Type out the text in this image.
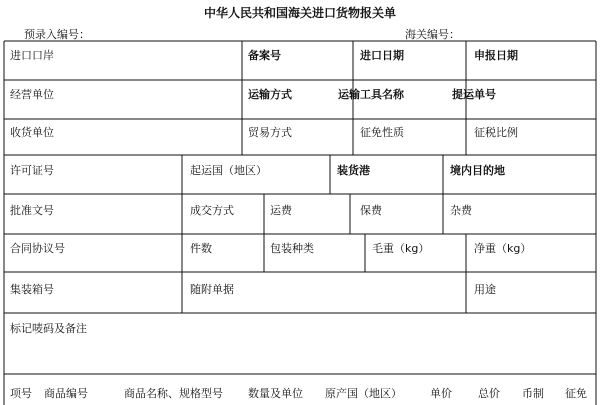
中华人民共和国海关进口货物报关单
预录入编号：	海关编号：
进口口岸	备案号	进口日期	申报日期
经营单位	运输方式	运输工具名称	提运单号
收货单位	贸易方式	征免性质	征税比例
许可证号	起运国（地区）	装货港	境内目的地
批准文号	成交方式	运费	保费	杂费
合同协议号	件数	包装种类	毛重（kg）	净重（kg）
集装箱号	随附单据	用途
标记唛码及备注
项号 商品编号	商品名称、规格型号 数量及单位 原产国（地区）	单价 总价 币制 征免
